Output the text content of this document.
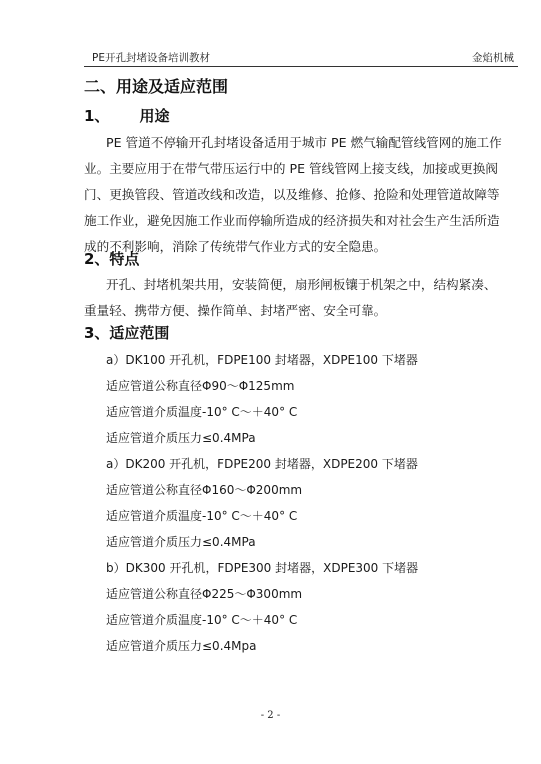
PE开孔封堵设备培训教材	金焰机械
二、用途及适应范围
1、 用途
PE 管道不停输开孔封堵设备适用于城市 PE 燃气输配管线管网的施工作
业。主要应用于在带气带压运行中的 PE 管线管网上接支线，加接或更换阀
门、更换管段、管道改线和改造，以及维修、抢修、抢险和处理管道故障等
施工作业，避免因施工作业而停输所造成的经济损失和对社会生产生活所造
成的不利影响，消除了传统带气作业方式的安全隐患。
2、特点
开孔、封堵机架共用，安装简便，扇形闸板镶于机架之中，结构紧凑、
重量轻、携带方便、操作简单、封堵严密、安全可靠。
3、适应范围
a）DK100 开孔机，FDPE100 封堵器，XDPE100 下堵器
适应管道公称直径Φ90～Φ125mm
适应管道介质温度-10° C～＋40° C
适应管道介质压力≤0.4MPa
a）DK200 开孔机，FDPE200 封堵器，XDPE200 下堵器
适应管道公称直径Φ160～Φ200mm
适应管道介质温度-10° C～＋40° C
适应管道介质压力≤0.4MPa
b）DK300 开孔机，FDPE300 封堵器，XDPE300 下堵器
适应管道公称直径Φ225～Φ300mm
适应管道介质温度-10° C～＋40° C
适应管道介质压力≤0.4Mpa
- 2 -
